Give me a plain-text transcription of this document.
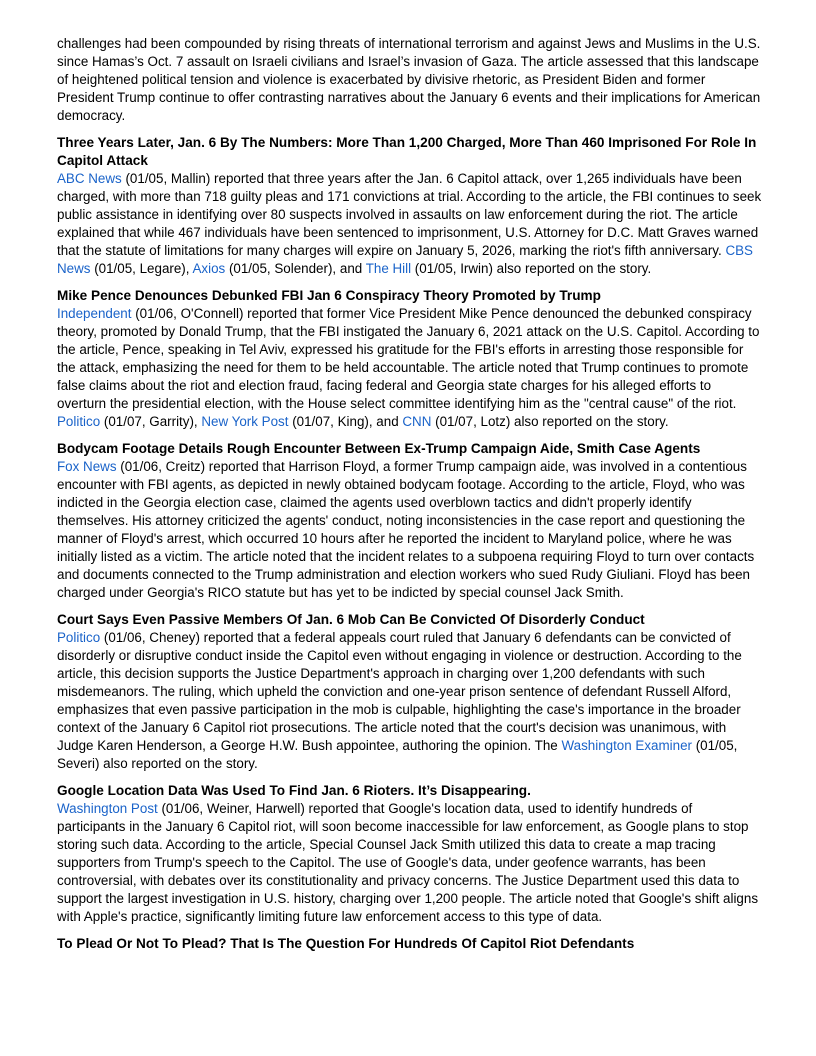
challenges had been compounded by rising threats of international terrorism and against Jews and Muslims in the U.S. since Hamas’s Oct. 7 assault on Israeli civilians and Israel’s invasion of Gaza. The article assessed that this landscape of heightened political tension and violence is exacerbated by divisive rhetoric, as President Biden and former President Trump continue to offer contrasting narratives about the January 6 events and their implications for American democracy.

Three Years Later, Jan. 6 By The Numbers: More Than 1,200 Charged, More Than 460 Imprisoned For Role In Capitol Attack

ABC News (01/05, Mallin) reported that three years after the Jan. 6 Capitol attack, over 1,265 individuals have been charged, with more than 718 guilty pleas and 171 convictions at trial. According to the article, the FBI continues to seek public assistance in identifying over 80 suspects involved in assaults on law enforcement during the riot. The article explained that while 467 individuals have been sentenced to imprisonment, U.S. Attorney for D.C. Matt Graves warned that the statute of limitations for many charges will expire on January 5, 2026, marking the riot's fifth anniversary. CBS News (01/05, Legare), Axios (01/05, Solender), and The Hill (01/05, Irwin) also reported on the story.

Mike Pence Denounces Debunked FBI Jan 6 Conspiracy Theory Promoted by Trump

Independent (01/06, O'Connell) reported that former Vice President Mike Pence denounced the debunked conspiracy theory, promoted by Donald Trump, that the FBI instigated the January 6, 2021 attack on the U.S. Capitol. According to the article, Pence, speaking in Tel Aviv, expressed his gratitude for the FBI's efforts in arresting those responsible for the attack, emphasizing the need for them to be held accountable. The article noted that Trump continues to promote false claims about the riot and election fraud, facing federal and Georgia state charges for his alleged efforts to overturn the presidential election, with the House select committee identifying him as the "central cause" of the riot. Politico (01/07, Garrity), New York Post (01/07, King), and CNN (01/07, Lotz) also reported on the story.

Bodycam Footage Details Rough Encounter Between Ex-Trump Campaign Aide, Smith Case Agents

Fox News (01/06, Creitz) reported that Harrison Floyd, a former Trump campaign aide, was involved in a contentious encounter with FBI agents, as depicted in newly obtained bodycam footage. According to the article, Floyd, who was indicted in the Georgia election case, claimed the agents used overblown tactics and didn't properly identify themselves. His attorney criticized the agents' conduct, noting inconsistencies in the case report and questioning the manner of Floyd's arrest, which occurred 10 hours after he reported the incident to Maryland police, where he was initially listed as a victim. The article noted that the incident relates to a subpoena requiring Floyd to turn over contacts and documents connected to the Trump administration and election workers who sued Rudy Giuliani. Floyd has been charged under Georgia's RICO statute but has yet to be indicted by special counsel Jack Smith.

Court Says Even Passive Members Of Jan. 6 Mob Can Be Convicted Of Disorderly Conduct

Politico (01/06, Cheney) reported that a federal appeals court ruled that January 6 defendants can be convicted of disorderly or disruptive conduct inside the Capitol even without engaging in violence or destruction. According to the article, this decision supports the Justice Department's approach in charging over 1,200 defendants with such misdemeanors. The ruling, which upheld the conviction and one-year prison sentence of defendant Russell Alford, emphasizes that even passive participation in the mob is culpable, highlighting the case's importance in the broader context of the January 6 Capitol riot prosecutions. The article noted that the court's decision was unanimous, with Judge Karen Henderson, a George H.W. Bush appointee, authoring the opinion. The Washington Examiner (01/05, Severi) also reported on the story.

Google Location Data Was Used To Find Jan. 6 Rioters. It’s Disappearing.

Washington Post (01/06, Weiner, Harwell) reported that Google's location data, used to identify hundreds of participants in the January 6 Capitol riot, will soon become inaccessible for law enforcement, as Google plans to stop storing such data. According to the article, Special Counsel Jack Smith utilized this data to create a map tracing supporters from Trump's speech to the Capitol. The use of Google's data, under geofence warrants, has been controversial, with debates over its constitutionality and privacy concerns. The Justice Department used this data to support the largest investigation in U.S. history, charging over 1,200 people. The article noted that Google's shift aligns with Apple's practice, significantly limiting future law enforcement access to this type of data.

To Plead Or Not To Plead? That Is The Question For Hundreds Of Capitol Riot Defendants
